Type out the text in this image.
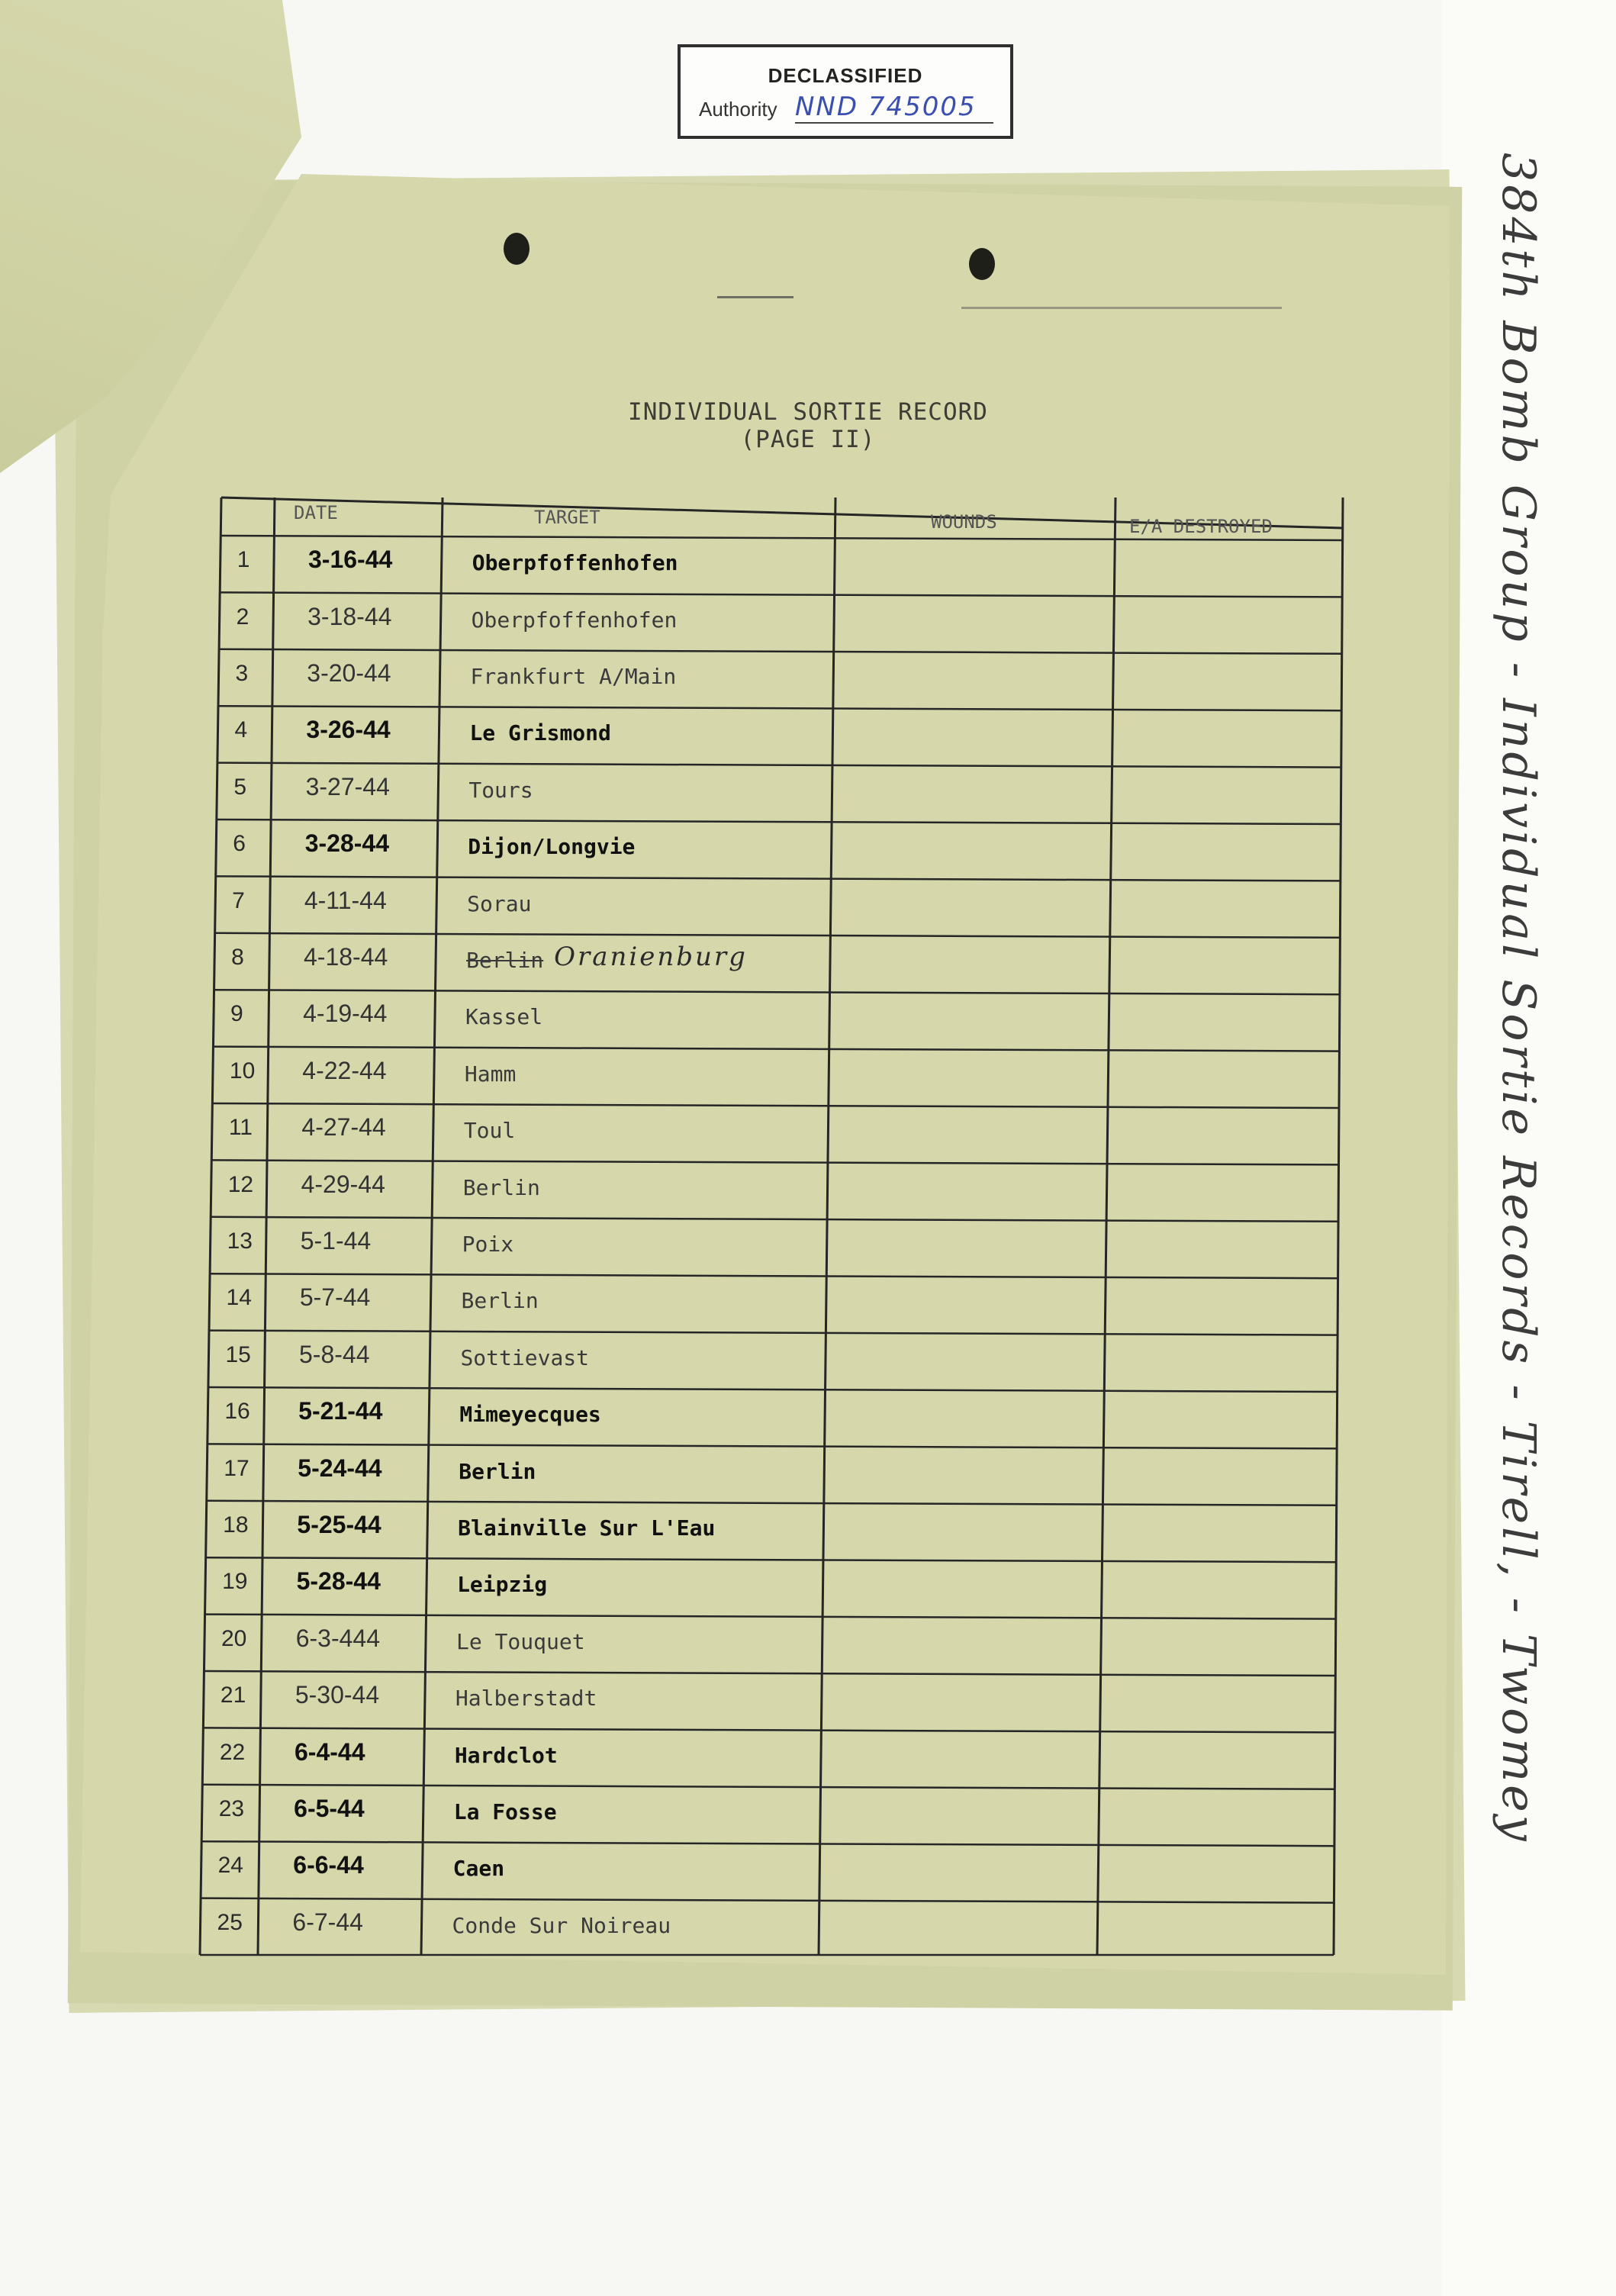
DECLASSIFIED
Authority NND 745005
INDIVIDUAL SORTIE RECORD
(PAGE II)	384th Bomb Group - Individual Sortie Records - Tirell, - Twomey
DATE	TARGET	WOUNDS	E/A DESTROYED
1 3-16-44	Oberpfoffenhofen
2 3-18-44	Oberpfoffenhofen
3 3-20-44	Frankfurt A/Main
4 3-26-44	Le Grismond
5 3-27-44	Tours
6 3-28-44	Dijon/Longvie
7 4-11-44	Sorau
8 4-18-44	Berlin Oranienburg
9 4-19-44	Kassel
10 4-22-44	Hamm
11 4-27-44	Toul
12 4-29-44	Berlin
13 5-1-44	Poix
14 5-7-44	Berlin
15 5-8-44	Sottievast
16 5-21-44	Mimeyecques
17 5-24-44	Berlin
18 5-25-44	Blainville Sur L'Eau
19 5-28-44	Leipzig
20 6-3-444	Le Touquet
21 5-30-44	Halberstadt
22 6-4-44	Hardclot
23 6-5-44	La Fosse
24 6-6-44	Caen
25 6-7-44	Conde Sur Noireau
